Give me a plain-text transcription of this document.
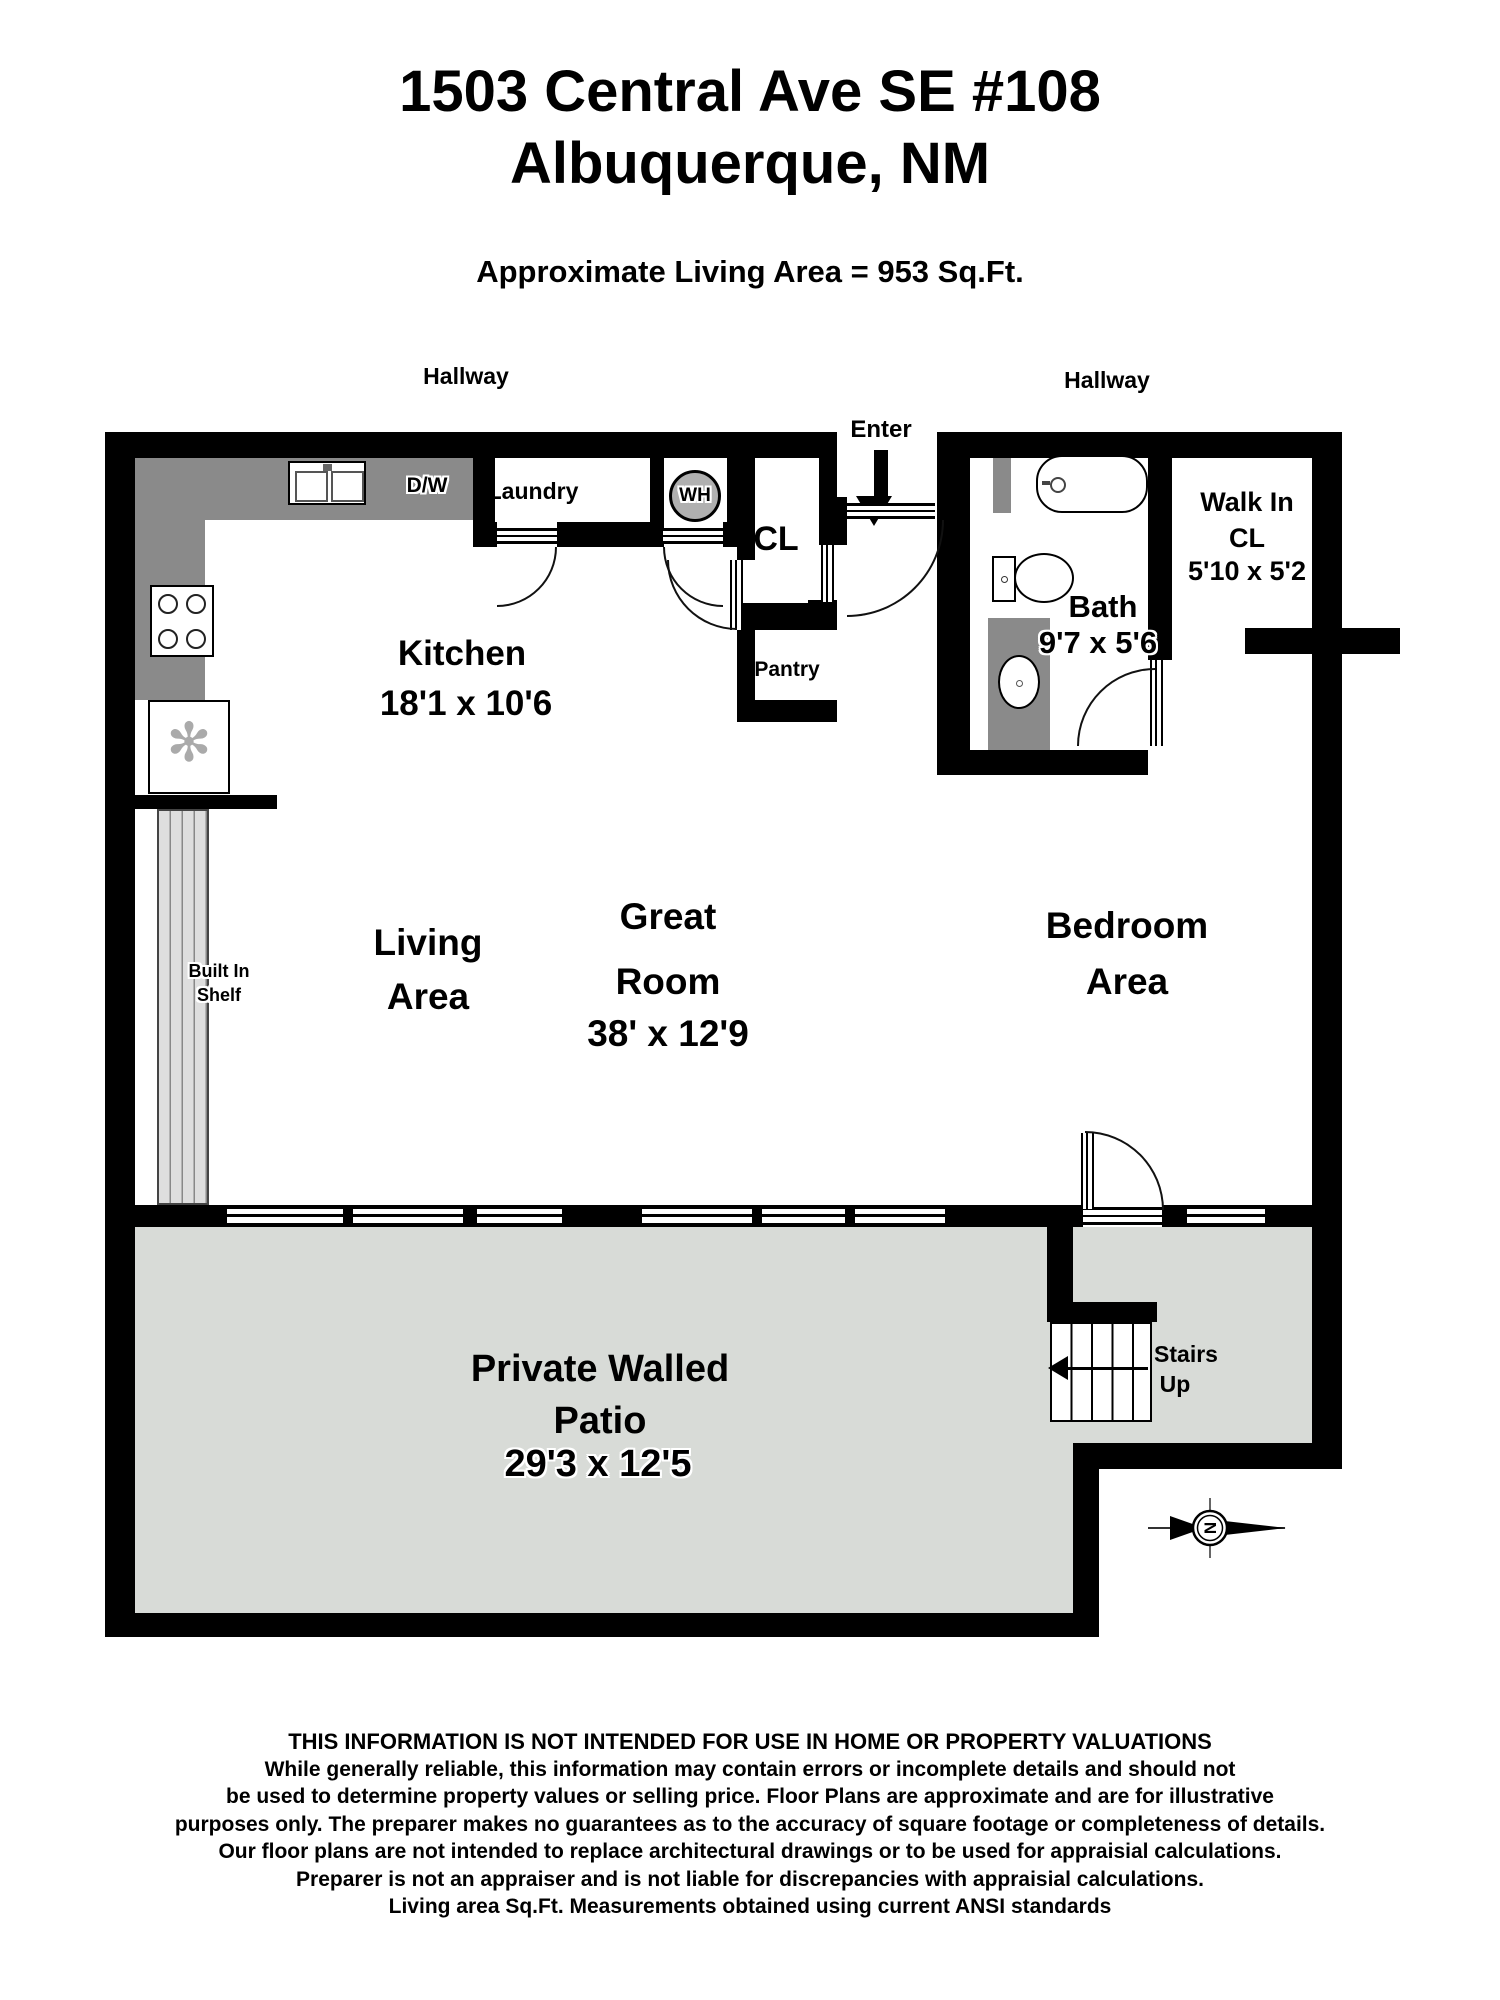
1503 Central Ave SE #108
Albuquerque, NM
Approximate Living Area = 953 Sq.Ft.
Hallway	Hallway
Enter
D/W
✻
WH
Laundry
CL
Pantry
Kitchen
18'1 x 10'6
Bath
9'7 x 5'6
Walk In
CL
5'10 x 5'2
Living
Area
Great
Room
38' x 12'9
Bedroom
Area
Built In
Shelf
Stairs
Up
Private Walled
Patio
29'3 x 12'5
N
THIS INFORMATION IS NOT INTENDED FOR USE IN HOME OR PROPERTY VALUATIONS
While generally reliable, this information may contain errors or incomplete details and should not
be used to determine property values or selling price. Floor Plans are approximate and are for illustrative
purposes only. The preparer makes no guarantees as to the accuracy of square footage or completeness of details.
Our floor plans are not intended to replace architectural drawings or to be used for appraisial calculations.
Preparer is not an appraiser and is not liable for discrepancies with appraisial calculations.
Living area Sq.Ft. Measurements obtained using current ANSI standards
